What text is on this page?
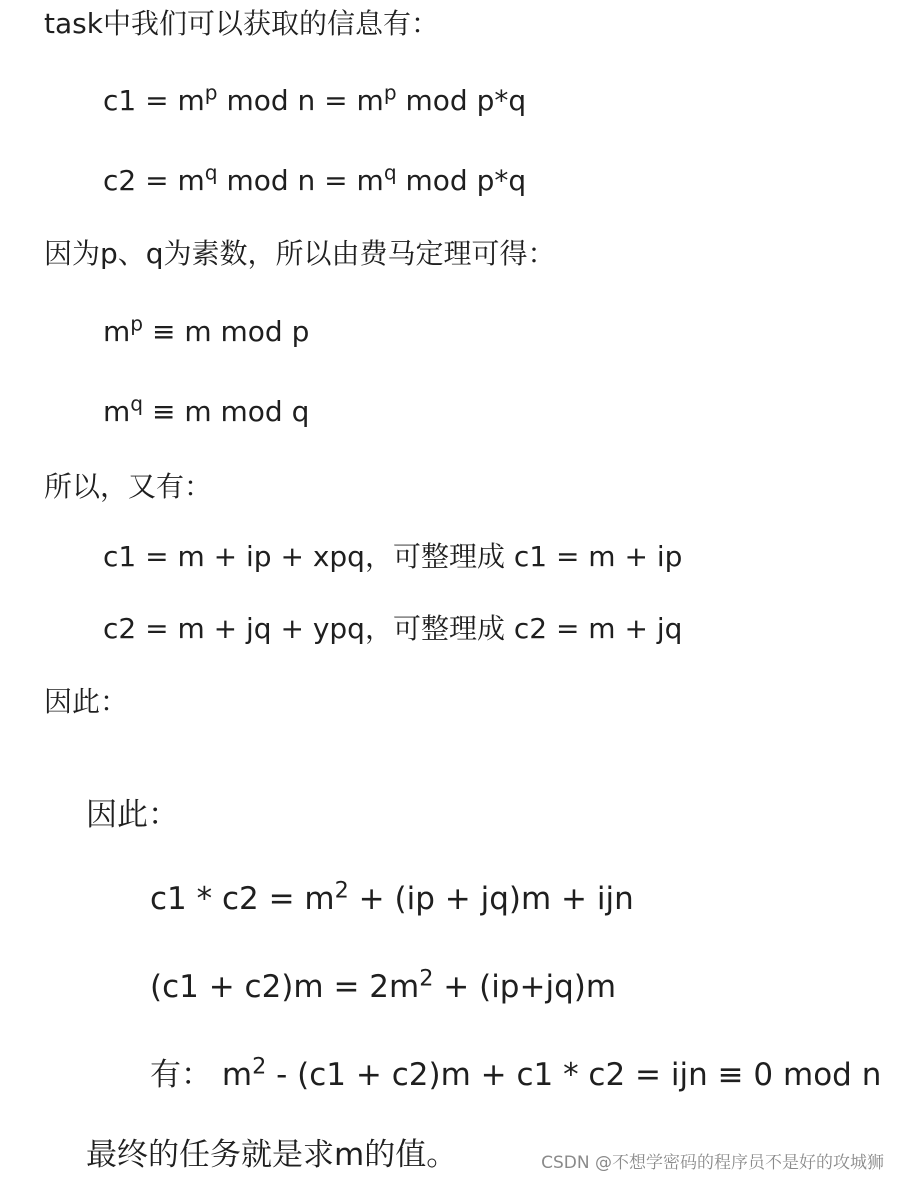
task中我们可以获取的信息有：
$c1 = m^p$ mod $n = m^p$ mod p*q
$c2 = m^q$ mod $n = m^q$ mod p*q
因为p、q为素数，所以由费马定理可得：
$m^p \equiv m$ mod p
$m^q \equiv m$ mod q
所以，又有：
c1 = m + ip + xpq，可整理成 c1 = m + ip
c2 = m + jq + ypq，可整理成 c2 = m + jq
因此：
因此：
$c1 * c2 = m^2 + (ip + jq)m$ + ijn
$(c1 + c2)m = 2m^2 + (ip+jq)m$
有： $m^2 - (c1 + c2)m + c1 * c2$ = ijn ≡ 0 mod n
最终的任务就是求m的值。	CSDN @不想学密码的程序员不是好的攻城狮
